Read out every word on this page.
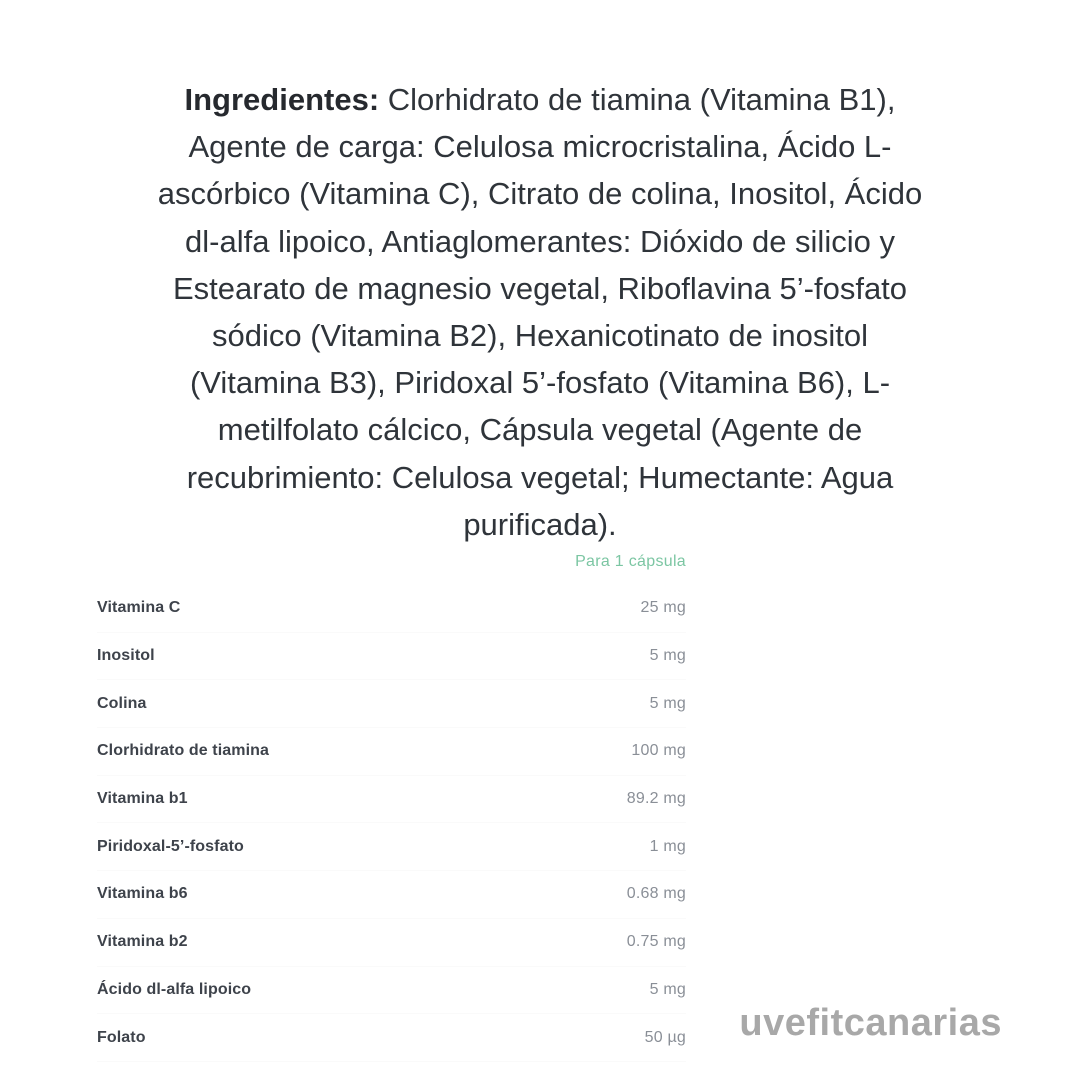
Ingredientes: Clorhidrato de tiamina (Vitamina B1),
Agente de carga: Celulosa microcristalina, Ácido L-
ascórbico (Vitamina C), Citrato de colina, Inositol, Ácido
dl-alfa lipoico, Antiaglomerantes: Dióxido de silicio y
Estearato de magnesio vegetal, Riboflavina 5’-fosfato
sódico (Vitamina B2), Hexanicotinato de inositol
(Vitamina B3), Piridoxal 5’-fosfato (Vitamina B6), L-
metilfolato cálcico, Cápsula vegetal (Agente de
recubrimiento: Celulosa vegetal; Humectante: Agua
purificada).
Para 1 cápsula
Vitamina C	25 mg
Inositol	5 mg
Colina	5 mg
Clorhidrato de tiamina	100 mg
Vitamina b1	89.2 mg
Piridoxal-5’-fosfato	1 mg
Vitamina b6	0.68 mg
Vitamina b2	0.75 mg
Ácido dl-alfa lipoico	5 mg
Folato	50 µg uvefitcanarias
